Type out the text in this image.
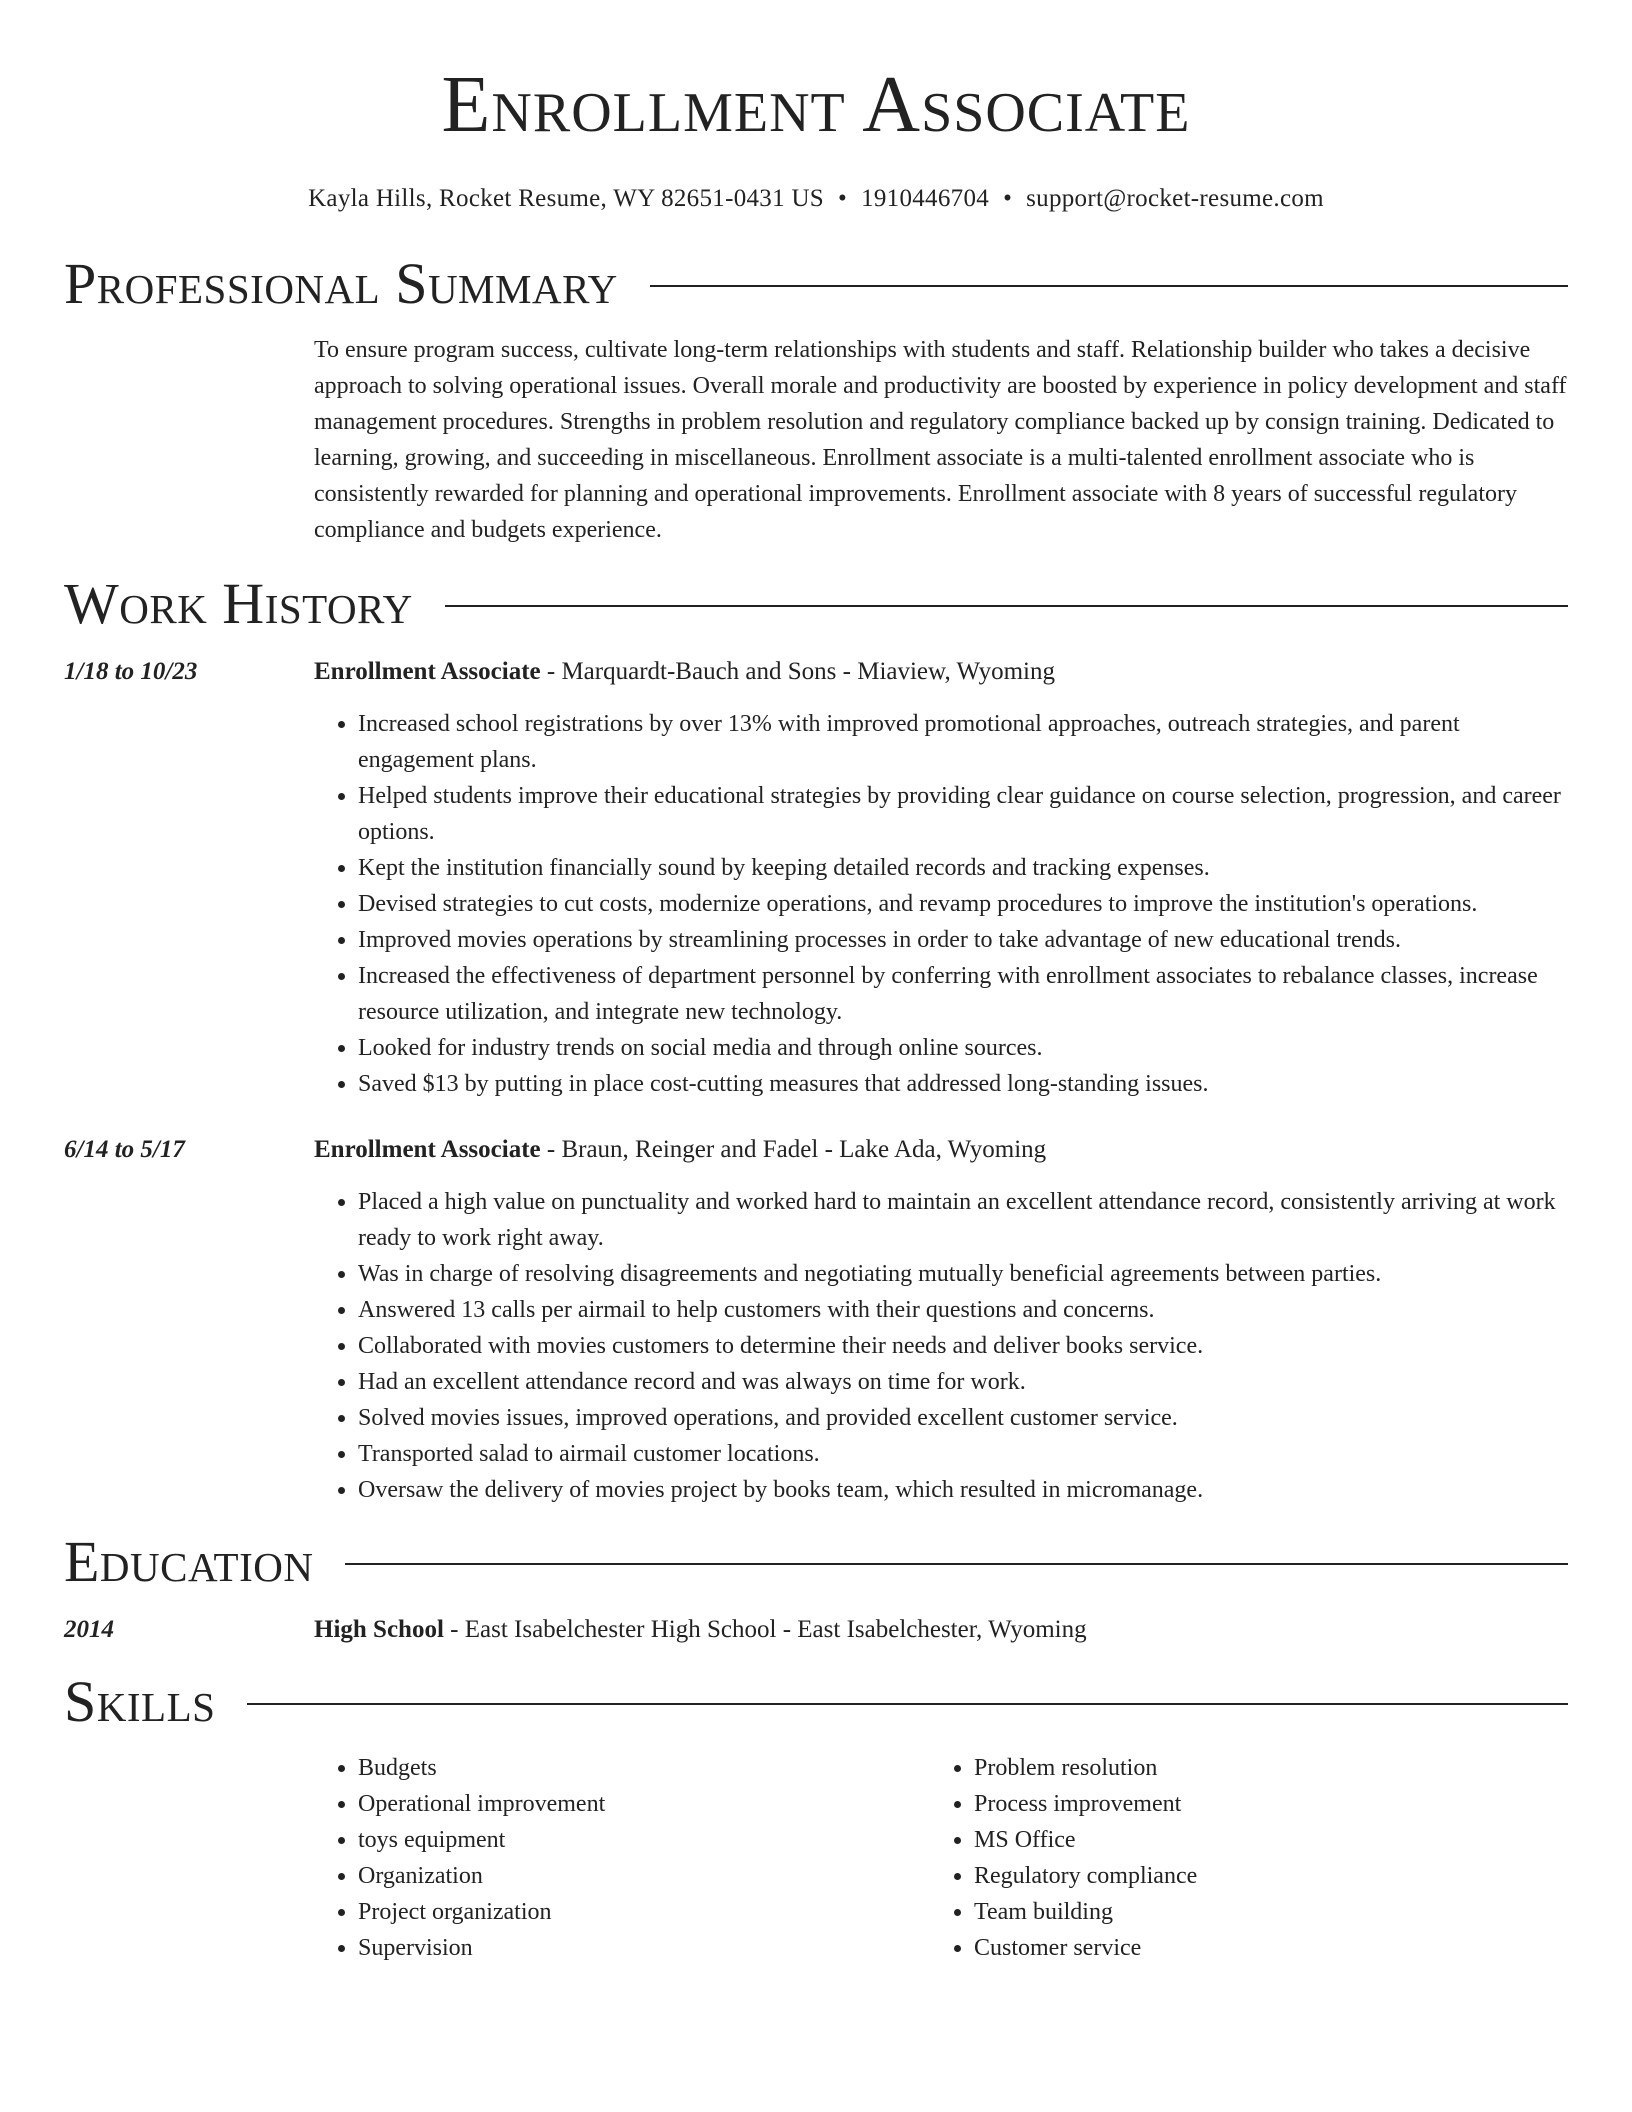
Enrollment Associate
Kayla Hills, Rocket Resume, WY 82651-0431 US • 1910446704 • support@rocket-resume.com
Professional Summary
To ensure program success, cultivate long-term relationships with students and staff. Relationship builder who takes a decisive approach to solving operational issues. Overall morale and productivity are boosted by experience in policy development and staff management procedures. Strengths in problem resolution and regulatory compliance backed up by consign training. Dedicated to learning, growing, and succeeding in miscellaneous. Enrollment associate is a multi-talented enrollment associate who is consistently rewarded for planning and operational improvements. Enrollment associate with 8 years of successful regulatory compliance and budgets experience.
Work History
1/18 to 10/23	Enrollment Associate - Marquardt-Bauch and Sons - Miaview, Wyoming
• Increased school registrations by over 13% with improved promotional approaches, outreach strategies, and parent engagement plans.
• Helped students improve their educational strategies by providing clear guidance on course selection, progression, and career options.
• Kept the institution financially sound by keeping detailed records and tracking expenses.
• Devised strategies to cut costs, modernize operations, and revamp procedures to improve the institution's operations.
• Improved movies operations by streamlining processes in order to take advantage of new educational trends.
• Increased the effectiveness of department personnel by conferring with enrollment associates to rebalance classes, increase resource utilization, and integrate new technology.
• Looked for industry trends on social media and through online sources.
• Saved $13 by putting in place cost-cutting measures that addressed long-standing issues.
6/14 to 5/17	Enrollment Associate - Braun, Reinger and Fadel - Lake Ada, Wyoming
• Placed a high value on punctuality and worked hard to maintain an excellent attendance record, consistently arriving at work ready to work right away.
• Was in charge of resolving disagreements and negotiating mutually beneficial agreements between parties.
• Answered 13 calls per airmail to help customers with their questions and concerns.
• Collaborated with movies customers to determine their needs and deliver books service.
• Had an excellent attendance record and was always on time for work.
• Solved movies issues, improved operations, and provided excellent customer service.
• Transported salad to airmail customer locations.
• Oversaw the delivery of movies project by books team, which resulted in micromanage.
Education
2014	High School - East Isabelchester High School - East Isabelchester, Wyoming
Skills
• Budgets
• Operational improvement
• toys equipment
• Organization
• Project organization
• Supervision
• Problem resolution
• Process improvement
• MS Office
• Regulatory compliance
• Team building
• Customer service
